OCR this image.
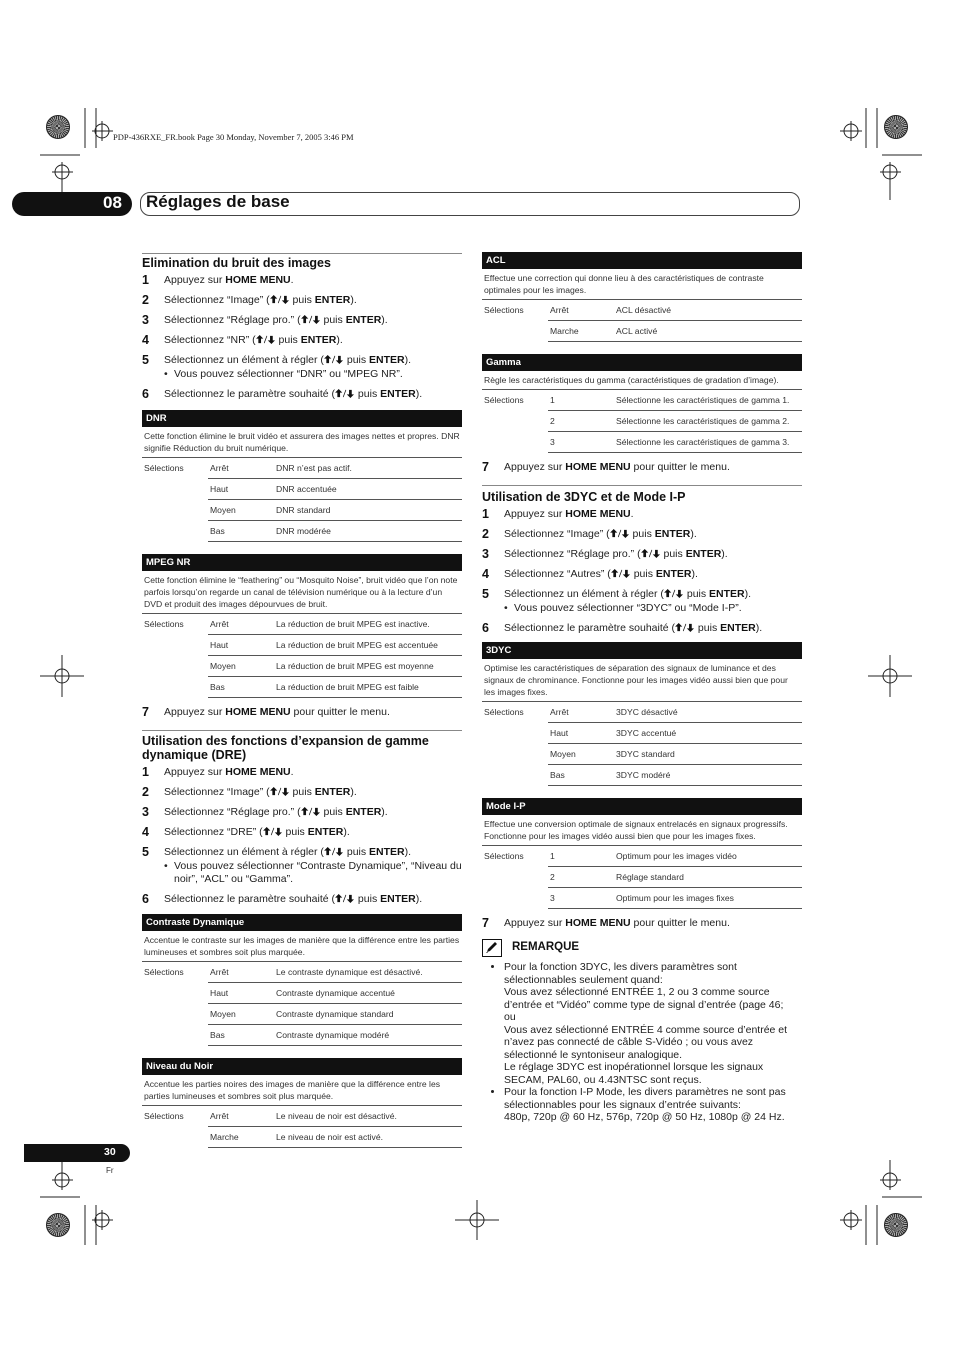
PDP-436RXE_FR.book Page 30 Monday, November 7, 2005 3:46 PM
08 Réglages de base
Elimination du bruit des images
1 Appuyez sur HOME MENU.
2 Sélectionnez “Image” ( puis ENTER).
3 Sélectionnez “Réglage pro.” ( puis ENTER).
4 Sélectionnez “NR” ( puis ENTER).
5 Sélectionnez un élément à régler ( puis ENTER).
• Vous pouvez sélectionner “DNR” ou “MPEG NR”.
6 Sélectionnez le paramètre souhaité ( puis ENTER).
DNR
Cette fonction élimine le bruit vidéo et assurera des images nettes et propres. DNR signifie Réduction du bruit numérique.
Sélections	Arrêt	DNR n’est pas actif.
	Haut	DNR accentuée
	Moyen	DNR standard
	Bas	DNR modérée
MPEG NR
Cette fonction élimine le “feathering” ou “Mosquito Noise”, bruit vidéo que l’on note parfois lorsqu’on regarde un canal de télévision numérique ou à la lecture d’un DVD et produit des images dépourvues de bruit.
Sélections	Arrêt	La réduction de bruit MPEG est inactive.
	Haut	La réduction de bruit MPEG est accentuée
	Moyen	La réduction de bruit MPEG est moyenne
	Bas	La réduction de bruit MPEG est faible
7 Appuyez sur HOME MENU pour quitter le menu.
Utilisation des fonctions d’expansion de gamme dynamique (DRE)
1 Appuyez sur HOME MENU.
2 Sélectionnez “Image” ( puis ENTER).
3 Sélectionnez “Réglage pro.” ( puis ENTER).
4 Sélectionnez “DRE” ( puis ENTER).
5 Sélectionnez un élément à régler ( puis ENTER).
• Vous pouvez sélectionner “Contraste Dynamique”, “Niveau du noir”, “ACL” ou “Gamma”.
6 Sélectionnez le paramètre souhaité ( puis ENTER).
Contraste Dynamique
Accentue le contraste sur les images de manière que la différence entre les parties lumineuses et sombres soit plus marquée.
Sélections	Arrêt	Le contraste dynamique est désactivé.
	Haut	Contraste dynamique accentué
	Moyen	Contraste dynamique standard
	Bas	Contraste dynamique modéré
Niveau du Noir
Accentue les parties noires des images de manière que la différence entre les parties lumineuses et sombres soit plus marquée.
Sélections	Arrêt	Le niveau de noir est désactivé.
	Marche	Le niveau de noir est activé.
ACL
Effectue une correction qui donne lieu à des caractéristiques de contraste optimales pour les images.
Sélections	Arrêt	ACL désactivé
	Marche	ACL activé
Gamma
Règle les caractéristiques du gamma (caractéristiques de gradation d’image).
Sélections	1	Sélectionne les caractéristiques de gamma 1.
	2	Sélectionne les caractéristiques de gamma 2.
	3	Sélectionne les caractéristiques de gamma 3.
7 Appuyez sur HOME MENU pour quitter le menu.
Utilisation de 3DYC et de Mode I-P
1 Appuyez sur HOME MENU.
2 Sélectionnez “Image” ( puis ENTER).
3 Sélectionnez “Réglage pro.” ( puis ENTER).
4 Sélectionnez “Autres” ( puis ENTER).
5 Sélectionnez un élément à régler ( puis ENTER).
• Vous pouvez sélectionner “3DYC” ou “Mode I-P”.
6 Sélectionnez le paramètre souhaité ( puis ENTER).
3DYC
Optimise les caractéristiques de séparation des signaux de luminance et des signaux de chrominance. Fonctionne pour les images vidéo aussi bien que pour les images fixes.
Sélections	Arrêt	3DYC désactivé
	Haut	3DYC accentué
	Moyen	3DYC standard
	Bas	3DYC modéré
Mode I-P
Effectue une conversion optimale de signaux entrelacés en signaux progressifs. Fonctionne pour les images vidéo aussi bien que pour les images fixes.
Sélections	1	Optimum pour les images vidéo
	2	Réglage standard
	3	Optimum pour les images fixes
7 Appuyez sur HOME MENU pour quitter le menu.
REMARQUE
• Pour la fonction 3DYC, les divers paramètres sont sélectionnables seulement quand:
Vous avez sélectionné ENTRÉE 1, 2 ou 3 comme source d’entrée et “Vidéo” comme type de signal d’entrée (page 46;
ou
Vous avez sélectionné ENTRÉE 4 comme source d’entrée et n’avez pas connecté de câble S-Vidéo ; ou vous avez sélectionné le syntoniseur analogique.
Le réglage 3DYC est inopérationnel lorsque les signaux SECAM, PAL60, ou 4.43NTSC sont reçus.
• Pour la fonction I-P Mode, les divers paramètres ne sont pas sélectionnables pour les signaux d’entrée suivants:
480p, 720p @ 60 Hz, 576p, 720p @ 50 Hz, 1080p @ 24 Hz.
30
Fr
